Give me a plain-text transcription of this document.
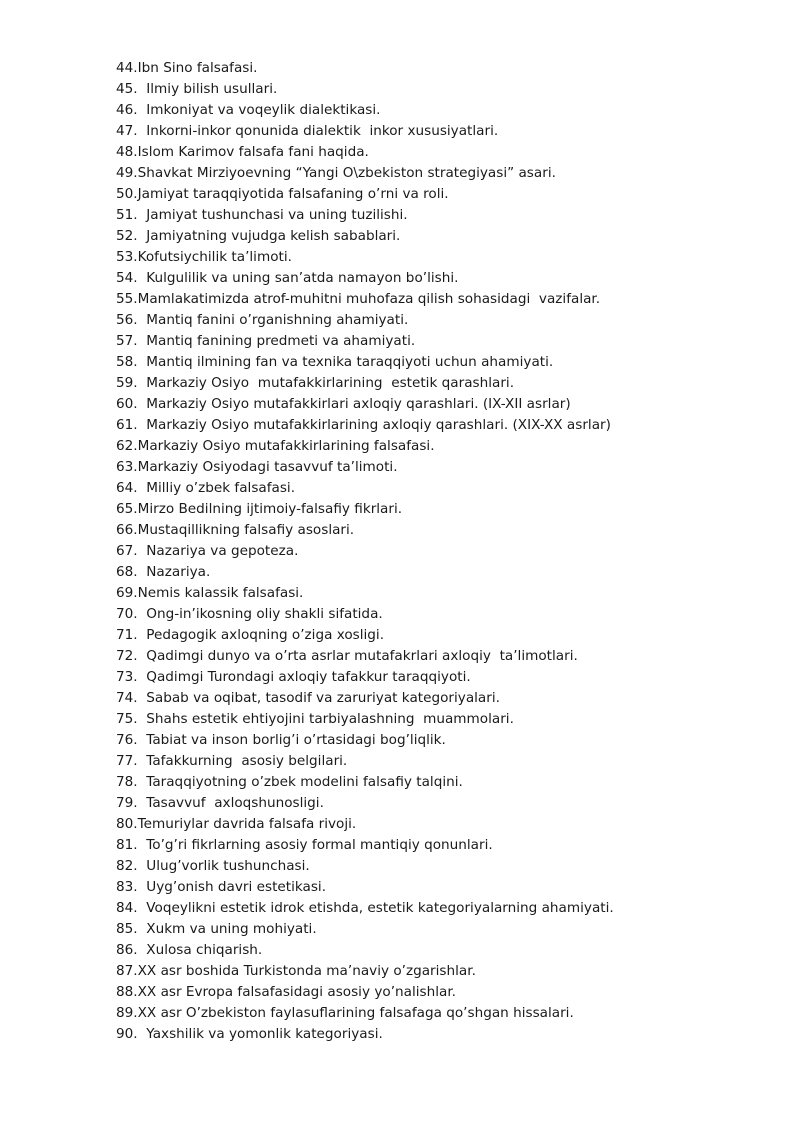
44.Ibn Sino falsafasi.
45.  Ilmiy bilish usullari.
46.  Imkoniyat va voqeylik dialektikasi.
47.  Inkorni-inkor qonunida dialektik  inkor xususiyatlari.
48.Islom Karimov falsafa fani haqida.
49.Shavkat Mirziyoevning “Yangi O\zbekiston strategiyasi” asari.
50.Jamiyat taraqqiyotida falsafaning o’rni va roli.
51.  Jamiyat tushunchasi va uning tuzilishi.
52.  Jamiyatning vujudga kelish sabablari.
53.Kofutsiychilik ta’limoti.
54.  Kulgulilik va uning san’atda namayon bo’lishi.
55.Mamlakatimizda atrof-muhitni muhofaza qilish sohasidagi  vazifalar.
56.  Mantiq fanini o’rganishning ahamiyati.
57.  Mantiq fanining predmeti va ahamiyati.
58.  Mantiq ilmining fan va texnika taraqqiyoti uchun ahamiyati.
59.  Markaziy Osiyo  mutafakkirlarining  estetik qarashlari.
60.  Markaziy Osiyo mutafakkirlari axloqiy qarashlari. (IX-XII asrlar)
61.  Markaziy Osiyo mutafakkirlarining axloqiy qarashlari. (XIX-XX asrlar)
62.Markaziy Osiyo mutafakkirlarining falsafasi.
63.Markaziy Osiyodagi tasavvuf ta’limoti.
64.  Milliy o’zbek falsafasi.
65.Mirzo Bedilning ijtimoiy-falsafiy fikrlari.
66.Mustaqillikning falsafiy asoslari.
67.  Nazariya va gepoteza.
68.  Nazariya.
69.Nemis kalassik falsafasi.
70.  Ong-in’ikosning oliy shakli sifatida.
71.  Pedagogik axloqning o’ziga xosligi.
72.  Qadimgi dunyo va o’rta asrlar mutafakrlari axloqiy  ta’limotlari.
73.  Qadimgi Turondagi axloqiy tafakkur taraqqiyoti.
74.  Sabab va oqibat, tasodif va zaruriyat kategoriyalari.
75.  Shahs estetik ehtiyojini tarbiyalashning  muammolari.
76.  Tabiat va inson borlig’i o’rtasidagi bog’liqlik.
77.  Tafakkurning  asosiy belgilari.
78.  Taraqqiyotning o’zbek modelini falsafiy talqini.
79.  Tasavvuf  axloqshunosligi.
80.Temuriylar davrida falsafa rivoji.
81.  To’g’ri fikrlarning asosiy formal mantiqiy qonunlari.
82.  Ulug’vorlik tushunchasi.
83.  Uyg’onish davri estetikasi.
84.  Voqeylikni estetik idrok etishda, estetik kategoriyalarning ahamiyati.
85.  Xukm va uning mohiyati.
86.  Xulosa chiqarish.
87.XX asr boshida Turkistonda ma’naviy o’zgarishlar.
88.XX asr Evropa falsafasidagi asosiy yo’nalishlar.
89.XX asr O’zbekiston faylasuflarining falsafaga qo’shgan hissalari.
90.  Yaxshilik va yomonlik kategoriyasi.
